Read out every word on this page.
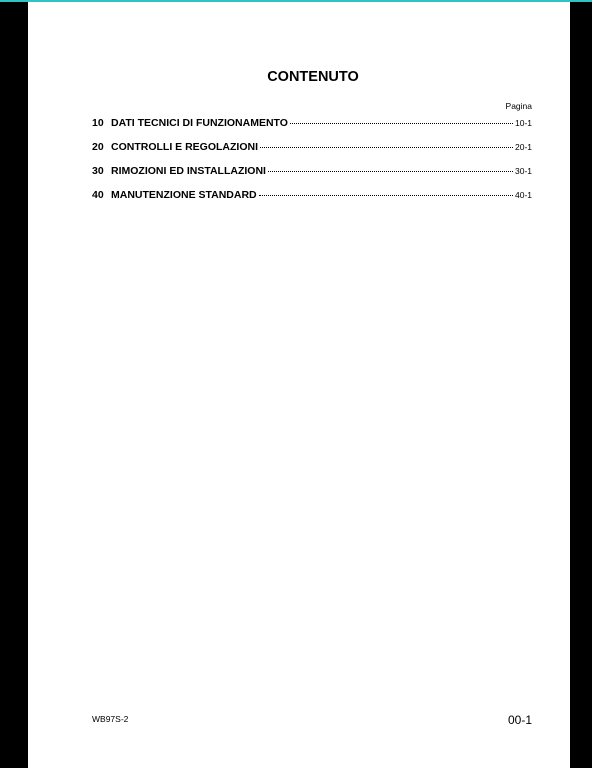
CONTENUTO
Pagina
10 DATI TECNICI DI FUNZIONAMENTO	10-1
20 CONTROLLI E REGOLAZIONI	20-1
30 RIMOZIONI ED INSTALLAZIONI	30-1
40 MANUTENZIONE STANDARD	40-1
WB97S-2	00-1
